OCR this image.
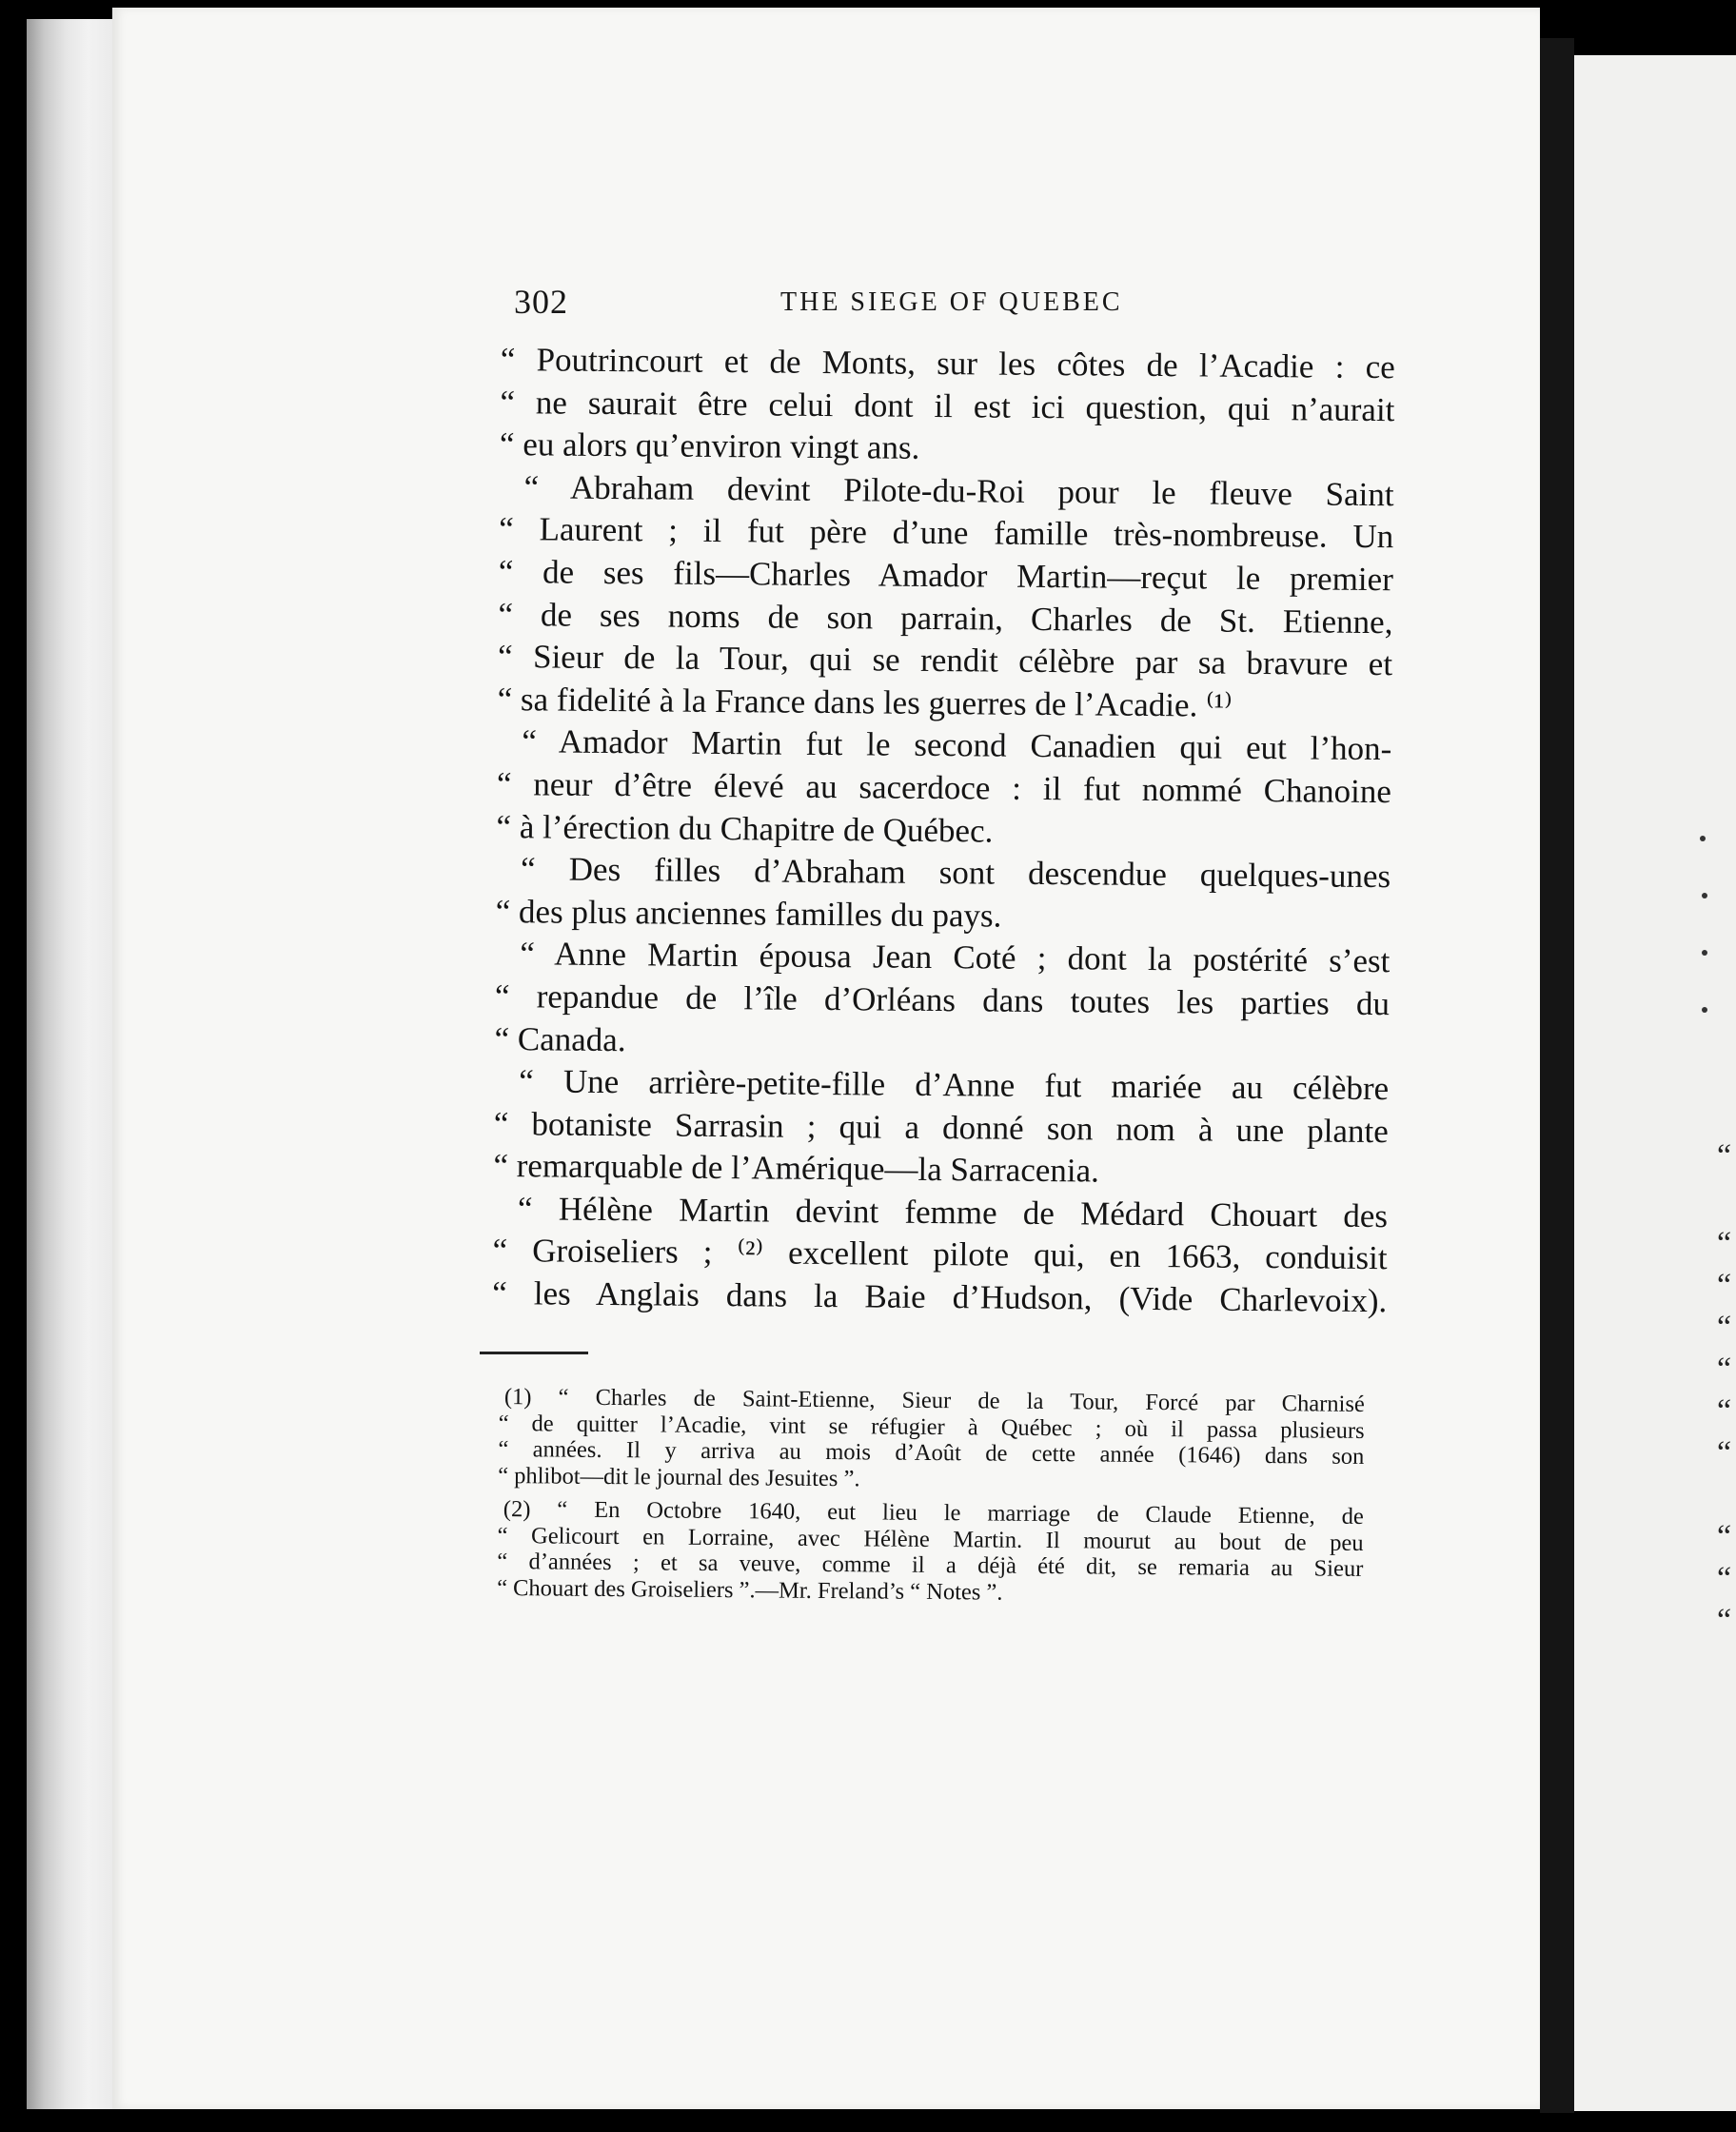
“
“
“
“
“
“
“
“
“
“
302	THE SIEGE OF QUEBEC

“ Poutrincourt et de Monts, sur les côtes de l’Acadie : ce
“ ne saurait être celui dont il est ici question, qui n’aurait
“ eu alors qu’environ vingt ans.

“ Abraham devint Pilote-du-Roi pour le fleuve Saint
“ Laurent ; il fut père d’une famille très-nombreuse. Un
“ de ses fils—Charles Amador Martin—reçut le premier
“ de ses noms de son parrain, Charles de St. Etienne,
“ Sieur de la Tour, qui se rendit célèbre par sa bravure et
“ sa fidelité à la France dans les guerres de l’Acadie. ⁽¹⁾

“ Amador Martin fut le second Canadien qui eut l’hon-
“ neur d’être élevé au sacerdoce : il fut nommé Chanoine
“ à l’érection du Chapitre de Québec.

“ Des filles d’Abraham sont descendue quelques-unes
“ des plus anciennes familles du pays.

“ Anne Martin épousa Jean Coté ; dont la postérité s’est
“ repandue de l’île d’Orléans dans toutes les parties du
“ Canada.

“ Une arrière-petite-fille d’Anne fut mariée au célèbre
“ botaniste Sarrasin ; qui a donné son nom à une plante
“ remarquable de l’Amérique—la Sarracenia.

“ Hélène Martin devint femme de Médard Chouart des
“ Groiseliers ; ⁽²⁾ excellent pilote qui, en 1663, conduisit
“ les Anglais dans la Baie d’Hudson, (Vide Charlevoix).

(1) “ Charles de Saint-Etienne, Sieur de la Tour, Forcé par Charnisé
“ de quitter l’Acadie, vint se réfugier à Québec ; où il passa plusieurs
“ années. Il y arriva au mois d’Août de cette année (1646) dans son
“ phlibot—dit le journal des Jesuites ”.
(2) “ En Octobre 1640, eut lieu le marriage de Claude Etienne, de
“ Gelicourt en Lorraine, avec Hélène Martin. Il mourut au bout de peu
“ d’années ; et sa veuve, comme il a déjà été dit, se remaria au Sieur
“ Chouart des Groiseliers ”.—Mr. Freland’s “ Notes ”.
